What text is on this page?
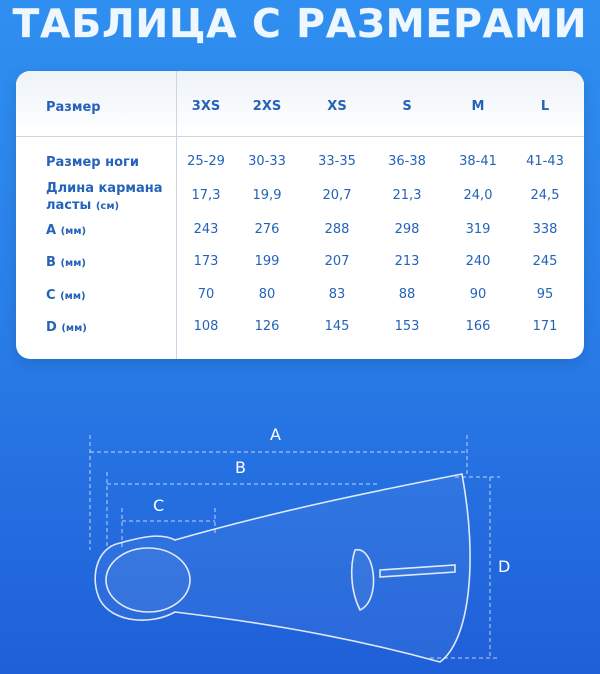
ТАБЛИЦА С РАЗМЕРАМИ
Размер	3XS	2XS	XS	S	M	L
Размер ноги	25-29	30-33	33-35	36-38	38-41	41-43
Длина кармана
ласты (см)
17,3	19,9	20,7	21,3	24,0	24,5
A (мм)	243	276	288	298	319	338
B (мм)	173	199	207	213	240	245
C (мм)	70	80	83	88	90	95
D (мм)	108	126	145	153	166	171
A
B
C
D
